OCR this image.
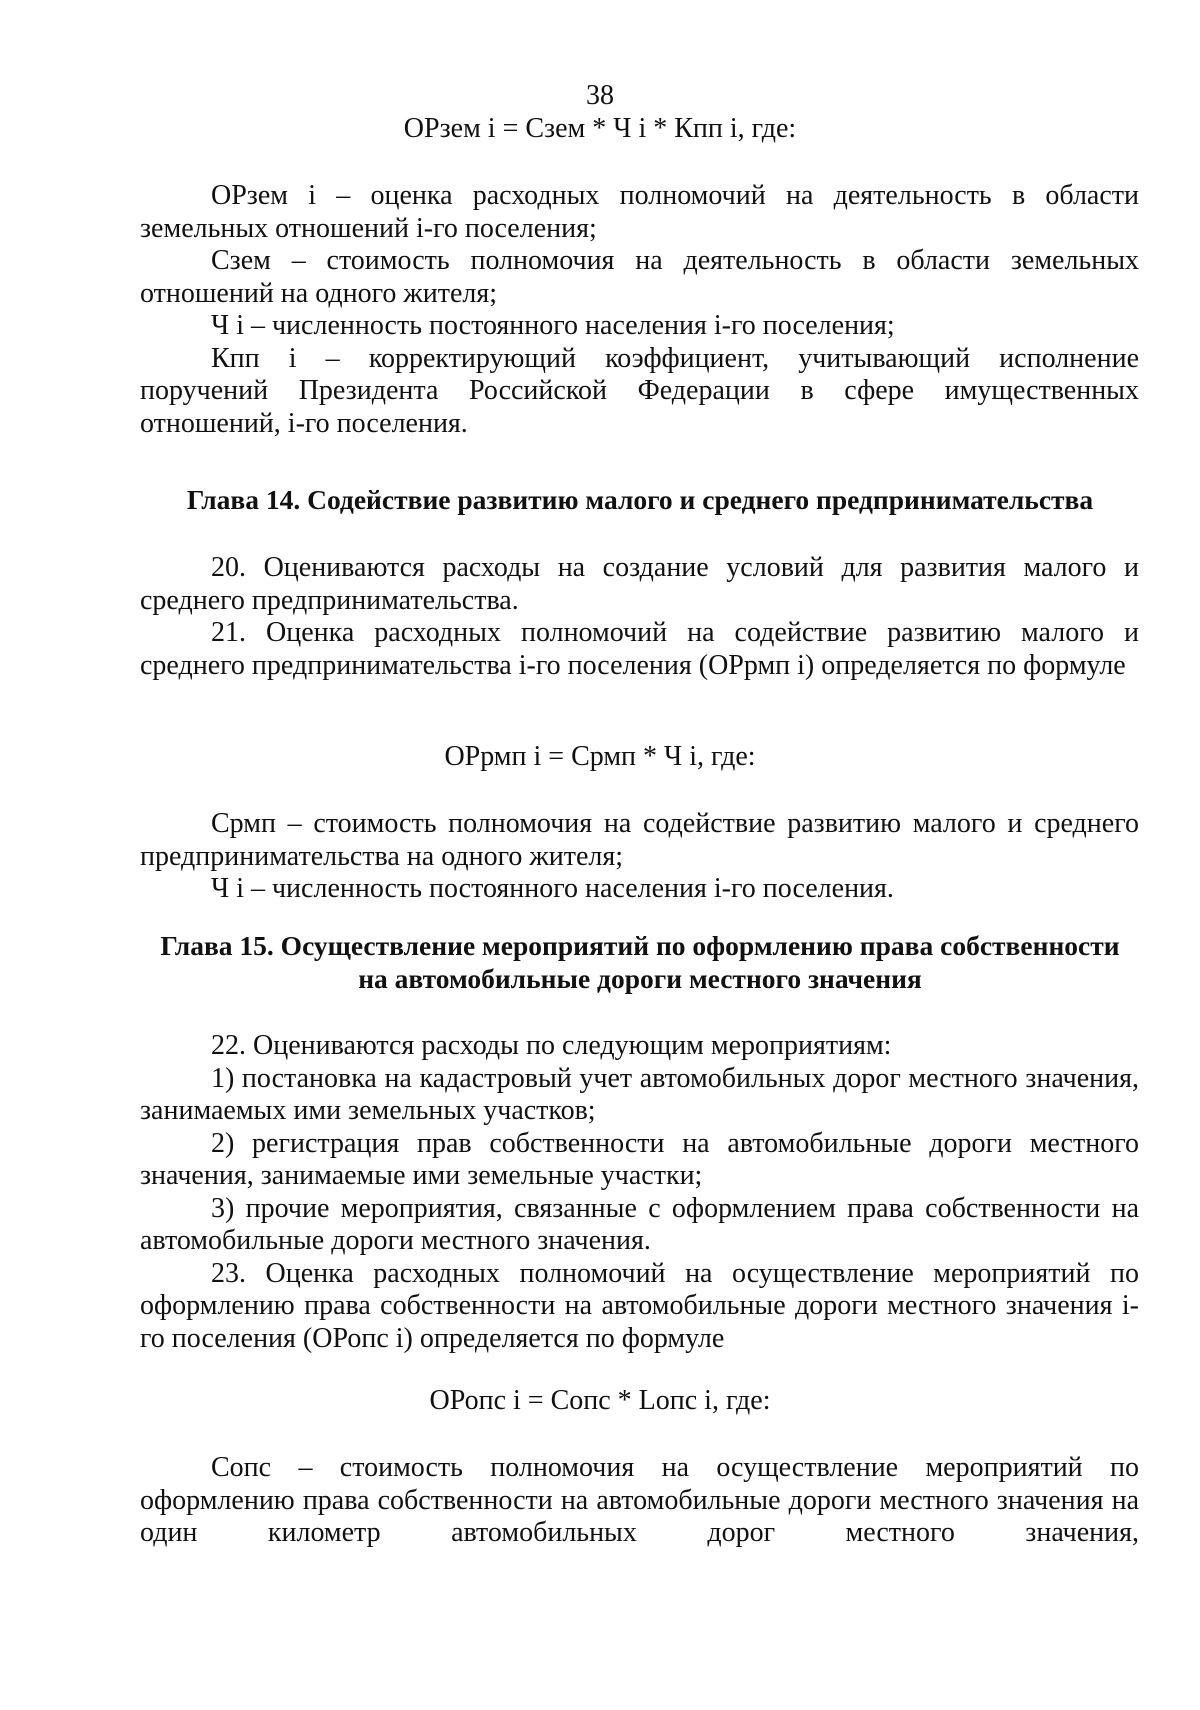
38
ОРзем i = Сзем * Ч i * Кпп i, где:

ОРзем i – оценка расходных полномочий на деятельность в области земельных отношений i-го поселения;

Сзем – стоимость полномочия на деятельность в области земельных отношений на одного жителя;

Ч i – численность постоянного населения i-го поселения;

Кпп i – корректирующий коэффициент, учитывающий исполнение поручений Президента Российской Федерации в сфере имущественных отношений, i-го поселения.

Глава 14. Содействие развитию малого и среднего предпринимательства

20. Оцениваются расходы на создание условий для развития малого и среднего предпринимательства.

21. Оценка расходных полномочий на содействие развитию малого и среднего предпринимательства i-го поселения (ОРрмп i) определяется по формуле

ОРрмп i = Срмп * Ч i, где:

Срмп – стоимость полномочия на содействие развитию малого и среднего предпринимательства на одного жителя;

Ч i – численность постоянного населения i-го поселения.

Глава 15. Осуществление мероприятий по оформлению права собственности
на автомобильные дороги местного значения

22. Оцениваются расходы по следующим мероприятиям:

1) постановка на кадастровый учет автомобильных дорог местного значения, занимаемых ими земельных участков;

2) регистрация прав собственности на автомобильные дороги местного значения, занимаемые ими земельные участки;

3) прочие мероприятия, связанные с оформлением права собственности на автомобильные дороги местного значения.

23. Оценка расходных полномочий на осуществление мероприятий по оформлению права собственности на автомобильные дороги местного значения i-го поселения (ОРопс i) определяется по формуле

ОРопс i = Сопс * Lопс i, где:

Сопс – стоимость полномочия на осуществление мероприятий по оформлению права собственности на автомобильные дороги местного значения на один километр автомобильных дорог местного значения,
